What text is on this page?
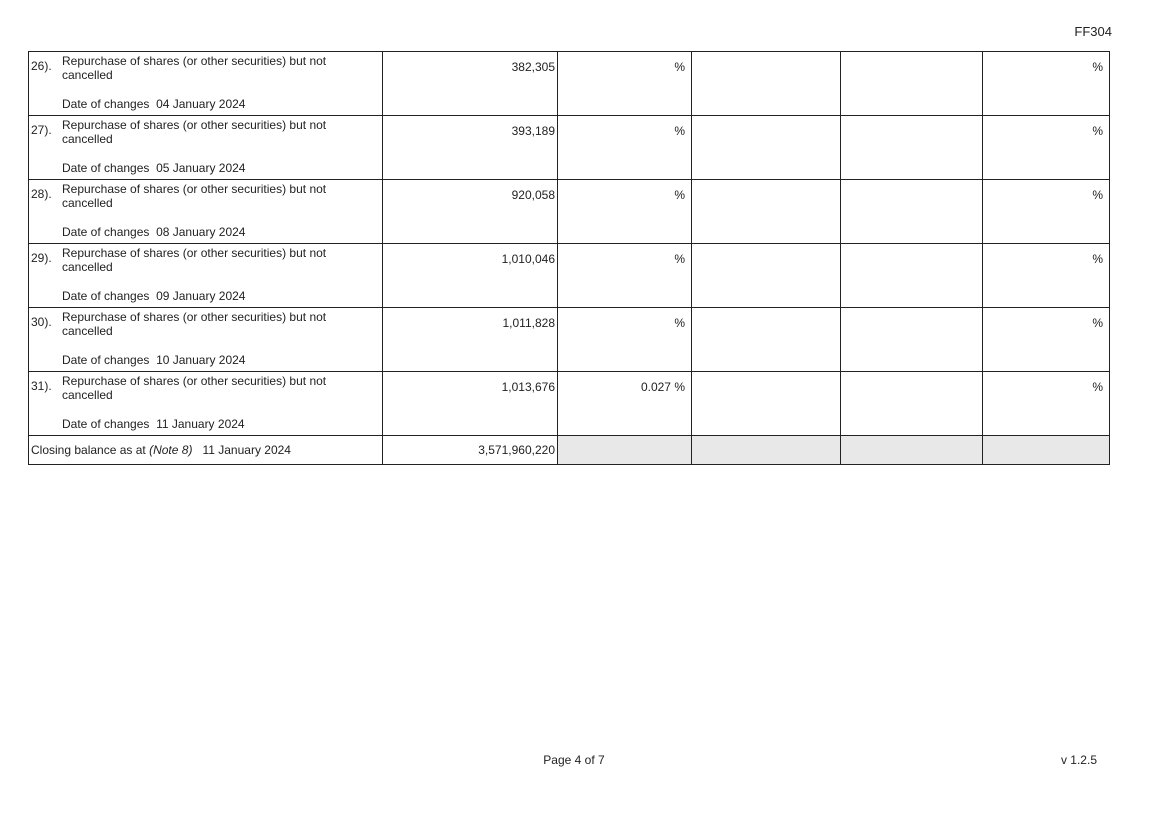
FF304
26). Repurchase of shares (or other securities) but not cancelled
Date of changes 04 January 2024	382,305	%			%

27). Repurchase of shares (or other securities) but not cancelled
Date of changes 05 January 2024	393,189	%			%

28). Repurchase of shares (or other securities) but not cancelled
Date of changes 08 January 2024	920,058	%			%

29). Repurchase of shares (or other securities) but not cancelled
Date of changes 09 January 2024	1,010,046	%			%

30). Repurchase of shares (or other securities) but not cancelled
Date of changes 10 January 2024	1,011,828	%			%

31). Repurchase of shares (or other securities) but not cancelled
Date of changes 11 January 2024	1,013,676	0.027 %			%

Closing balance as at (Note 8) 11 January 2024	3,571,960,220				

Page 4 of 7	v 1.2.5
